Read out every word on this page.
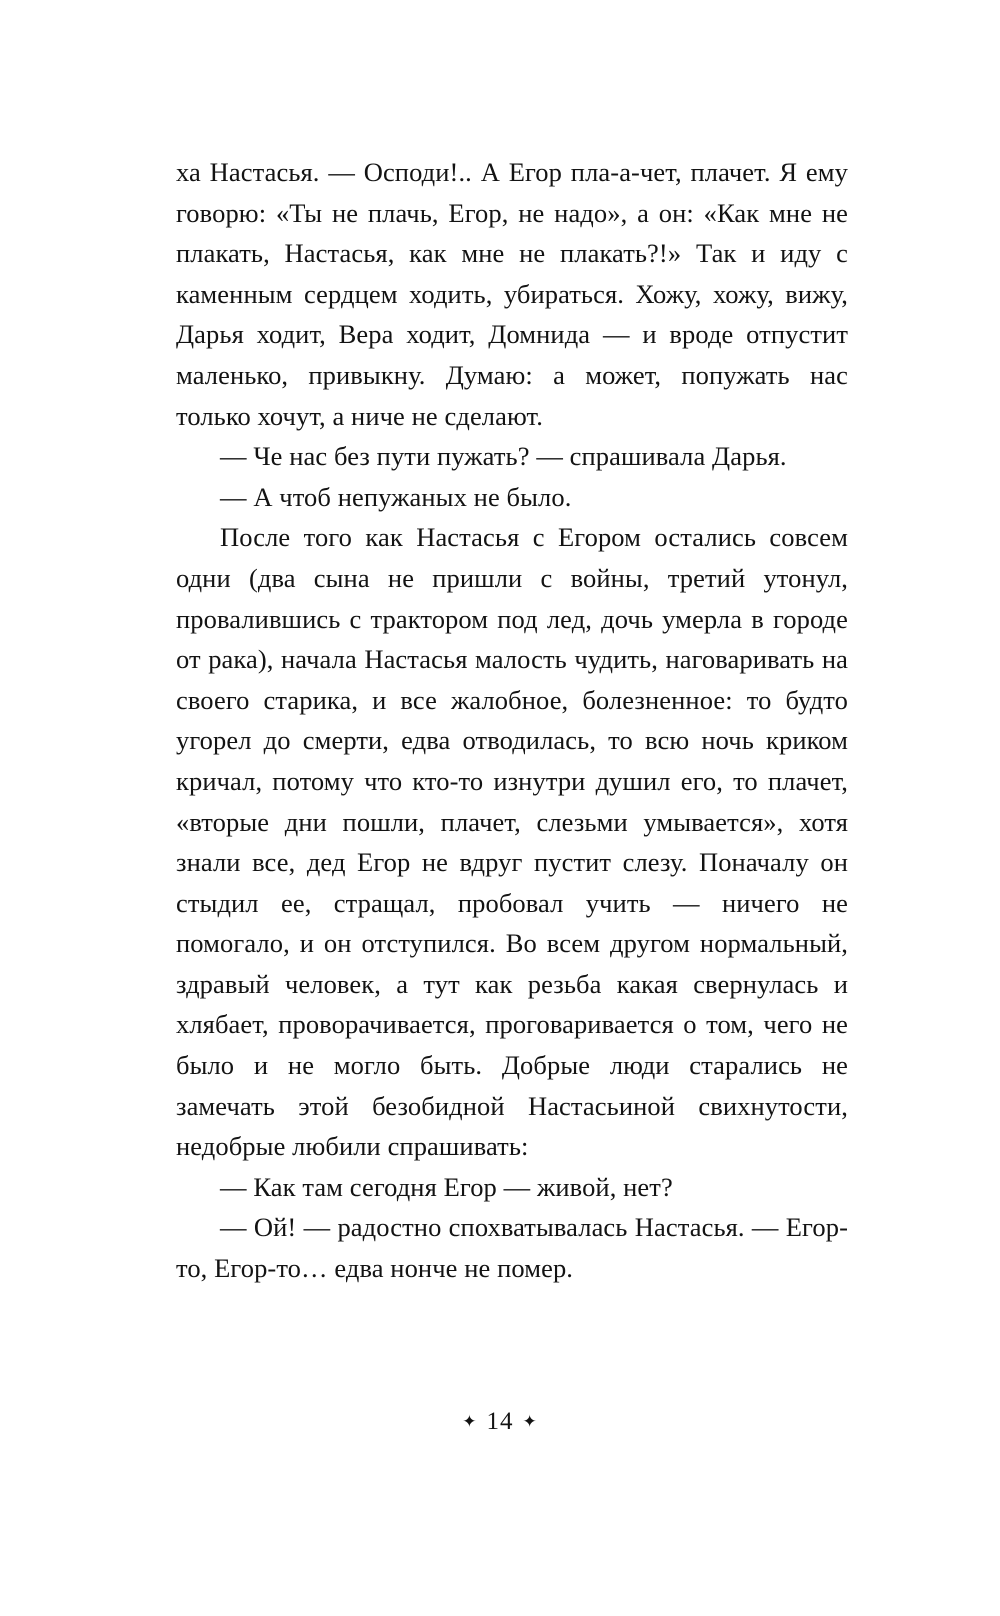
ха Настасья. — Осподи!.. А Егор пла-а-чет, плачет. Я ему говорю: «Ты не плачь, Егор, не надо», а он: «Как мне не плакать, Настасья, как мне не плакать?!» Так и иду с каменным сердцем ходить, убираться. Хожу, хожу, вижу, Дарья ходит, Вера ходит, Домнида — и вроде отпустит маленько, привыкну. Думаю: а может, попужать нас только хочут, а ниче не сделают.

— Че нас без пути пужать? — спрашивала Дарья.

— А чтоб непужаных не было.

После того как Настасья с Егором остались совсем одни (два сына не пришли с войны, третий утонул, провалившись с трактором под лед, дочь умерла в городе от рака), начала Настасья малость чудить, наговаривать на своего старика, и все жалобное, болезненное: то будто угорел до смерти, едва отводилась, то всю ночь криком кричал, потому что кто-то изнутри душил его, то плачет, «вторые дни пошли, плачет, слезьми умывается», хотя знали все, дед Егор не вдруг пустит слезу. Поначалу он стыдил ее, стращал, пробовал учить — ничего не помогало, и он отступился. Во всем другом нормальный, здравый человек, а тут как резьба какая свернулась и хлябает, проворачивается, проговаривается о том, чего не было и не могло быть. Добрые люди старались не замечать этой безобидной Настасьиной свихнутости, недобрые любили спрашивать:

— Как там сегодня Егор — живой, нет?

— Ой! — радостно спохватывалась Настасья. — Егор-то, Егор-то… едва нонче не помер.

✦ 14 ✦
